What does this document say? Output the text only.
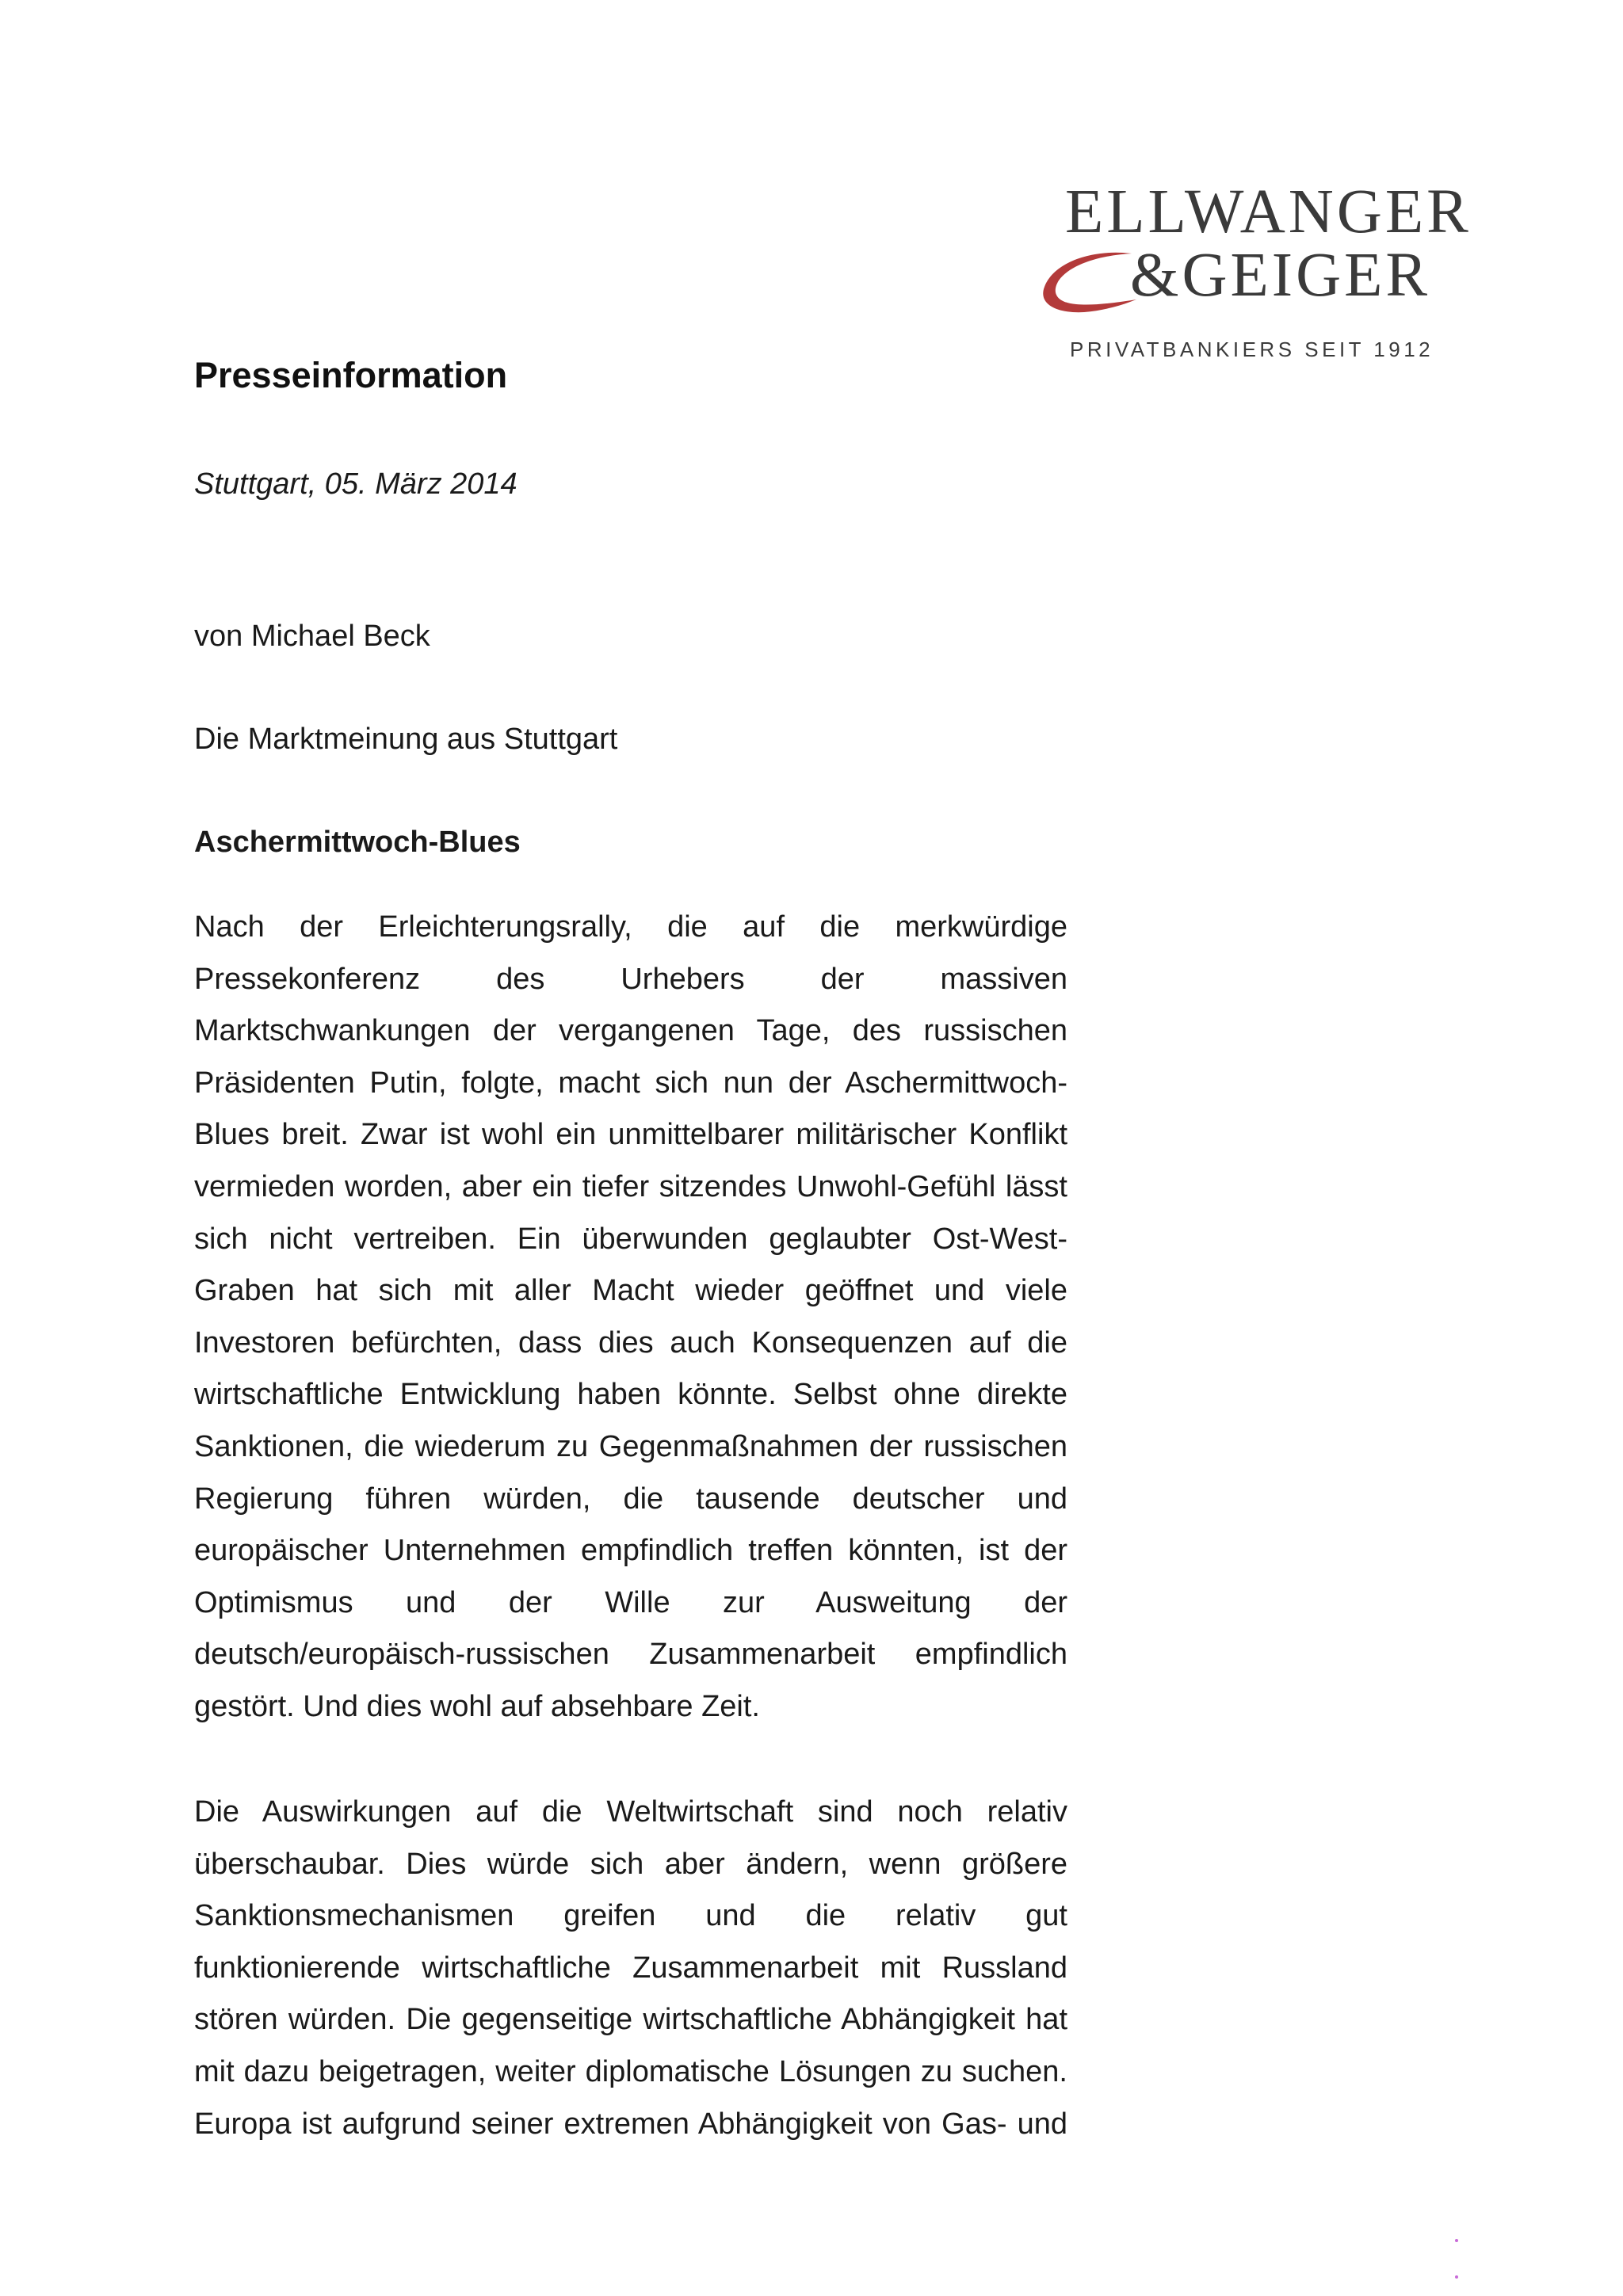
ELLWANGER
&GEIGER
PRIVATBANKIERS SEIT 1912
Presseinformation
Stuttgart, 05. März 2014
von Michael Beck
Die Marktmeinung aus Stuttgart
Aschermittwoch-Blues

Nach der Erleichterungsrally, die auf die merkwürdige
Pressekonferenz des Urhebers der massiven
Marktschwankungen der vergangenen Tage, des russischen
Präsidenten Putin, folgte, macht sich nun der Aschermittwoch-
Blues breit. Zwar ist wohl ein unmittelbarer militärischer Konflikt
vermieden worden, aber ein tiefer sitzendes Unwohl-Gefühl lässt
sich nicht vertreiben. Ein überwunden geglaubter Ost-West-
Graben hat sich mit aller Macht wieder geöffnet und viele
Investoren befürchten, dass dies auch Konsequenzen auf die
wirtschaftliche Entwicklung haben könnte. Selbst ohne direkte
Sanktionen, die wiederum zu Gegenmaßnahmen der russischen
Regierung führen würden, die tausende deutscher und
europäischer Unternehmen empfindlich treffen könnten, ist der
Optimismus und der Wille zur Ausweitung der
deutsch/europäisch-russischen Zusammenarbeit empfindlich
gestört. Und dies wohl auf absehbare Zeit.

Die Auswirkungen auf die Weltwirtschaft sind noch relativ
überschaubar. Dies würde sich aber ändern, wenn größere
Sanktionsmechanismen greifen und die relativ gut
funktionierende wirtschaftliche Zusammenarbeit mit Russland
stören würden. Die gegenseitige wirtschaftliche Abhängigkeit hat
mit dazu beigetragen, weiter diplomatische Lösungen zu suchen.
Europa ist aufgrund seiner extremen Abhängigkeit von Gas- und
